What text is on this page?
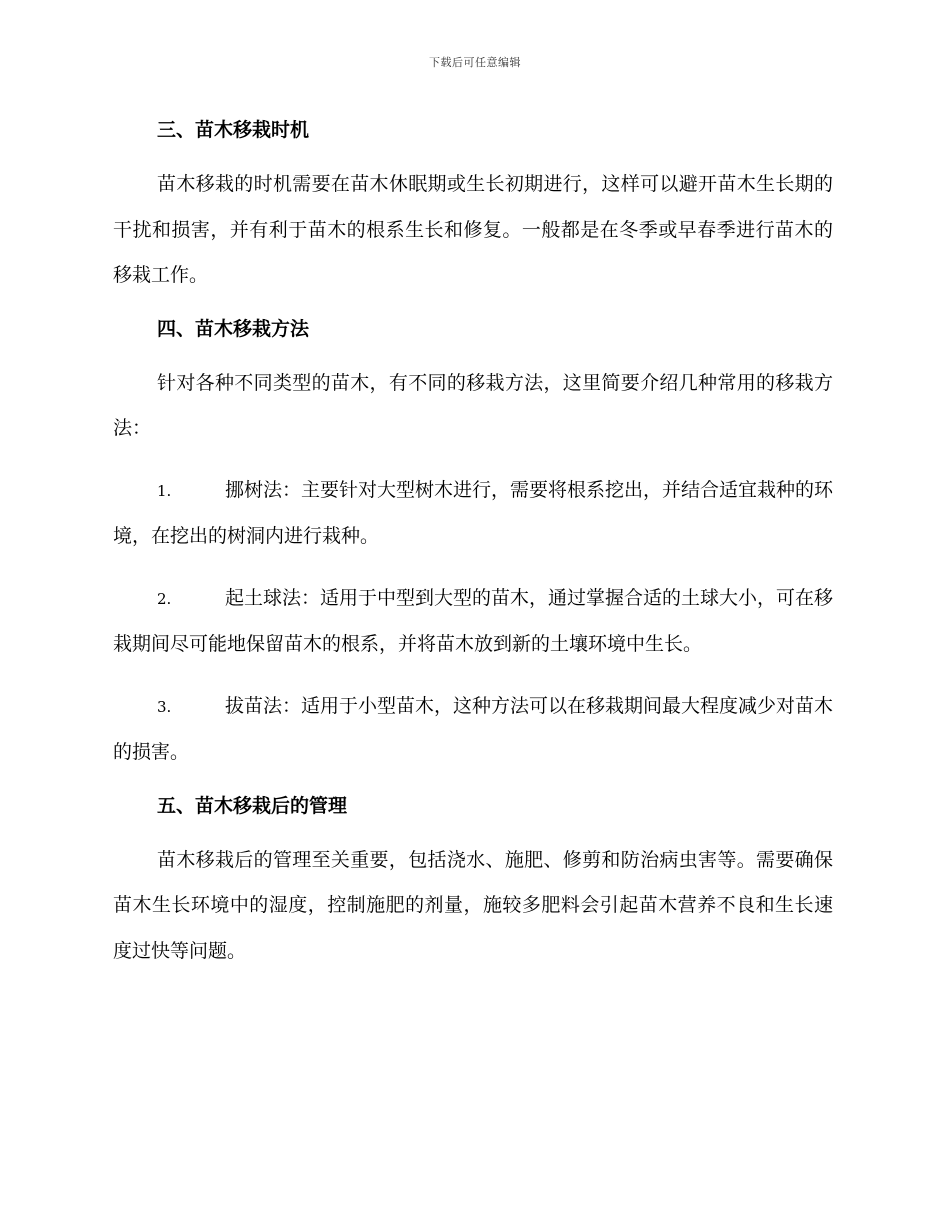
下载后可任意编辑
三、苗木移栽时机

苗木移栽的时机需要在苗木休眠期或生长初期进行，这样可以避开苗木生长期的干扰和损害，并有利于苗木的根系生长和修复。一般都是在冬季或早春季进行苗木的移栽工作。

四、苗木移栽方法

针对各种不同类型的苗木，有不同的移栽方法，这里简要介绍几种常用的移栽方法：

1.	挪树法：主要针对大型树木进行，需要将根系挖出，并结合适宜栽种的环境，在挖出的树洞内进行栽种。

2.	起土球法：适用于中型到大型的苗木，通过掌握合适的土球大小，可在移栽期间尽可能地保留苗木的根系，并将苗木放到新的土壤环境中生长。

3.	拔苗法：适用于小型苗木，这种方法可以在移栽期间最大程度减少对苗木的损害。

五、苗木移栽后的管理

苗木移栽后的管理至关重要，包括浇水、施肥、修剪和防治病虫害等。需要确保苗木生长环境中的湿度，控制施肥的剂量，施较多肥料会引起苗木营养不良和生长速度过快等问题。
